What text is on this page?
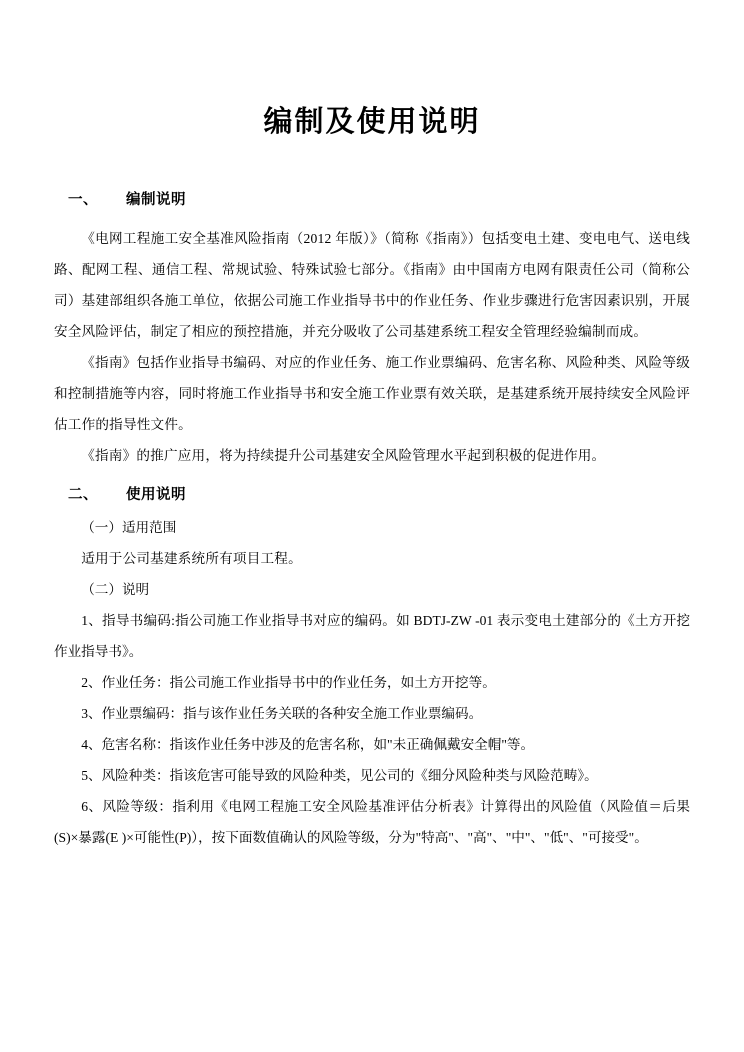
编制及使用说明
一、 编制说明

《电网工程施工安全基准风险指南（2012 年版）》（简称《指南》）包括变电土建、变电电气、送电线路、配网工程、通信工程、常规试验、特殊试验七部分。《指南》由中国南方电网有限责任公司（简称公司）基建部组织各施工单位，依据公司施工作业指导书中的作业任务、作业步骤进行危害因素识别，开展安全风险评估，制定了相应的预控措施，并充分吸收了公司基建系统工程安全管理经验编制而成。

《指南》包括作业指导书编码、对应的作业任务、施工作业票编码、危害名称、风险种类、风险等级和控制措施等内容，同时将施工作业指导书和安全施工作业票有效关联，是基建系统开展持续安全风险评估工作的指导性文件。

《指南》的推广应用，将为持续提升公司基建安全风险管理水平起到积极的促进作用。

二、 使用说明

（一）适用范围

适用于公司基建系统所有项目工程。

（二）说明

1、指导书编码:指公司施工作业指导书对应的编码。如 BDTJ-ZW -01 表示变电土建部分的《土方开挖作业指导书》。

2、作业任务：指公司施工作业指导书中的作业任务，如土方开挖等。

3、作业票编码：指与该作业任务关联的各种安全施工作业票编码。

4、危害名称：指该作业任务中涉及的危害名称，如"未正确佩戴安全帽"等。

5、风险种类：指该危害可能导致的风险种类，见公司的《细分风险种类与风险范畴》。

6、风险等级：指利用《电网工程施工安全风险基准评估分析表》计算得出的风险值（风险值＝后果(S)×暴露(E )×可能性(P)），按下面数值确认的风险等级，分为"特高"、"高"、"中"、"低"、"可接受"。
